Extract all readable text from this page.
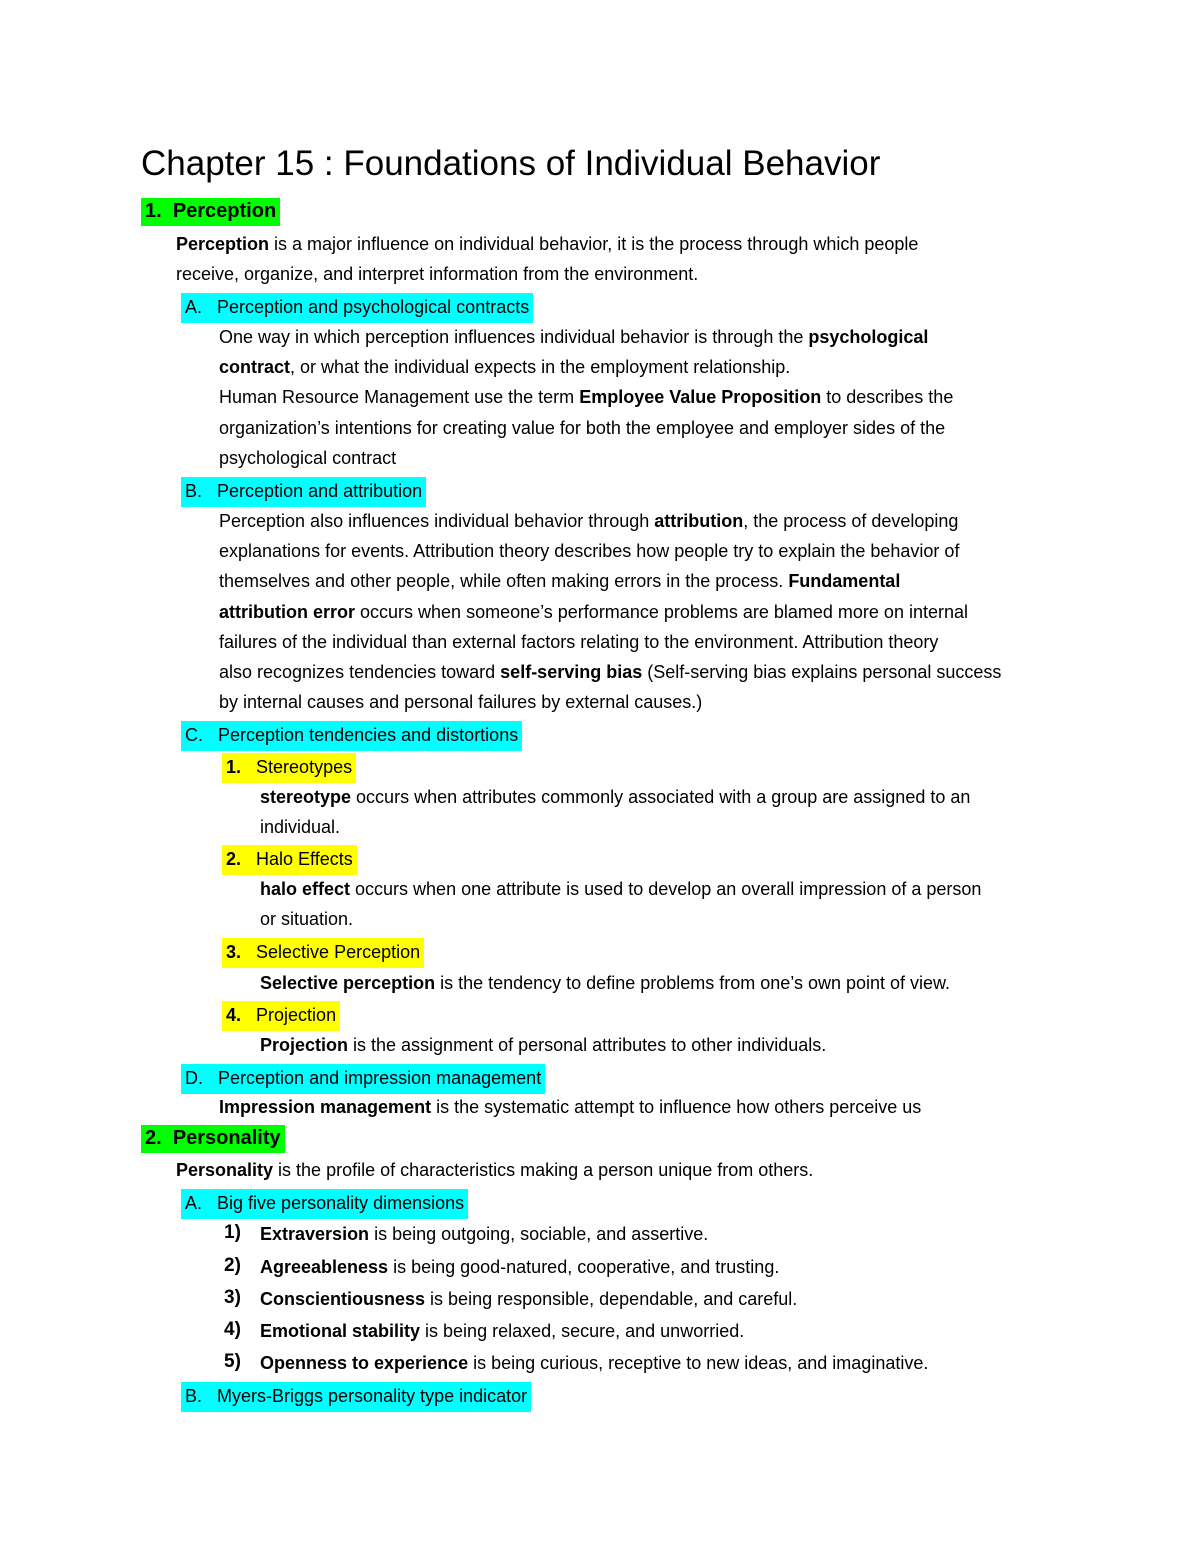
Chapter 15 : Foundations of Individual Behavior
1. Perception
Perception is a major influence on individual behavior, it is the process through which people
receive, organize, and interpret information from the environment.
A. Perception and psychological contracts
One way in which perception influences individual behavior is through the psychological
contract, or what the individual expects in the employment relationship.
Human Resource Management use the term Employee Value Proposition to describes the
organization’s intentions for creating value for both the employee and employer sides of the
psychological contract
B. Perception and attribution
Perception also influences individual behavior through attribution, the process of developing
explanations for events. Attribution theory describes how people try to explain the behavior of
themselves and other people, while often making errors in the process. Fundamental
attribution error occurs when someone’s performance problems are blamed more on internal
failures of the individual than external factors relating to the environment. Attribution theory
also recognizes tendencies toward self-serving bias (Self-serving bias explains personal success
by internal causes and personal failures by external causes.)
C. Perception tendencies and distortions
1. Stereotypes
stereotype occurs when attributes commonly associated with a group are assigned to an
individual.
2. Halo Effects
halo effect occurs when one attribute is used to develop an overall impression of a person
or situation.
3. Selective Perception
Selective perception is the tendency to define problems from one’s own point of view.
4. Projection
Projection is the assignment of personal attributes to other individuals.
D. Perception and impression management
Impression management is the systematic attempt to influence how others perceive us
2. Personality
Personality is the profile of characteristics making a person unique from others.
A. Big five personality dimensions
1) Extraversion is being outgoing, sociable, and assertive.
2) Agreeableness is being good-natured, cooperative, and trusting.
3) Conscientiousness is being responsible, dependable, and careful.
4) Emotional stability is being relaxed, secure, and unworried.
5) Openness to experience is being curious, receptive to new ideas, and imaginative.
B. Myers-Briggs personality type indicator
